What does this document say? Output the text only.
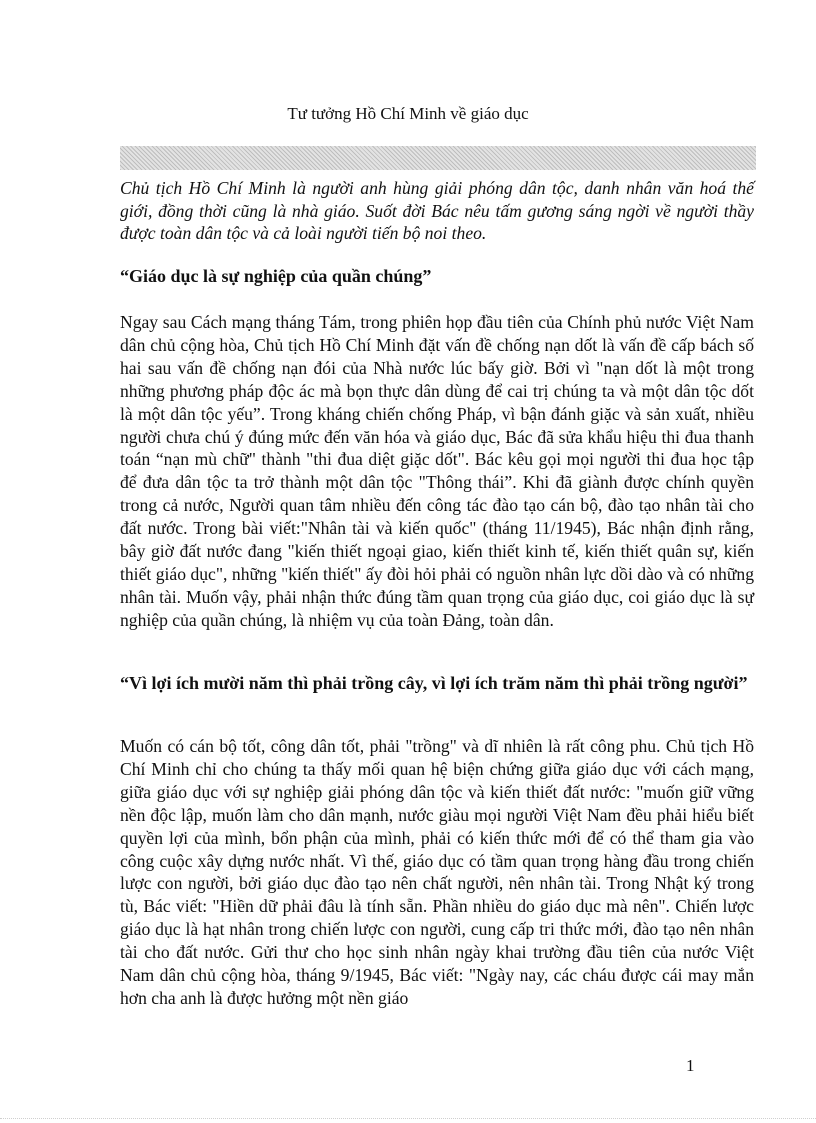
Tư tưởng Hồ Chí Minh về giáo dục

Chủ tịch Hồ Chí Minh là người anh hùng giải phóng dân tộc, danh nhân văn hoá thế giới, đồng thời cũng là nhà giáo. Suốt đời Bác nêu tấm gương sáng ngời về người thầy được toàn dân tộc và cả loài người tiến bộ noi theo.

“Giáo dục là sự nghiệp của quần chúng”

Ngay sau Cách mạng tháng Tám, trong phiên họp đầu tiên của Chính phủ nước Việt Nam dân chủ cộng hòa, Chủ tịch Hồ Chí Minh đặt vấn đề chống nạn dốt là vấn đề cấp bách số hai sau vấn đề chống nạn đói của Nhà nước lúc bấy giờ. Bởi vì "nạn dốt là một trong những phương pháp độc ác mà bọn thực dân dùng để cai trị chúng ta và một dân tộc dốt là một dân tộc yếu”. Trong kháng chiến chống Pháp, vì bận đánh giặc và sản xuất, nhiều người chưa chú ý đúng mức đến văn hóa và giáo dục, Bác đã sửa khẩu hiệu thi đua thanh toán “nạn mù chữ" thành "thi đua diệt giặc dốt". Bác kêu gọi mọi người thi đua học tập để đưa dân tộc ta trở thành một dân tộc "Thông thái”. Khi đã giành được chính quyền trong cả nước, Người quan tâm nhiều đến công tác đào tạo cán bộ, đào tạo nhân tài cho đất nước. Trong bài viết:"Nhân tài và kiến quốc" (tháng 11/1945), Bác nhận định rằng, bây giờ đất nước đang "kiến thiết ngoại giao, kiến thiết kinh tế, kiến thiết quân sự, kiến thiết giáo dục", những "kiến thiết" ấy đòi hỏi phải có nguồn nhân lực dồi dào và có những nhân tài. Muốn vậy, phải nhận thức đúng tầm quan trọng của giáo dục, coi giáo dục là sự nghiệp của quần chúng, là nhiệm vụ của toàn Đảng, toàn dân.

“Vì lợi ích mười năm thì phải trồng cây, vì lợi ích trăm năm thì phải trồng người”

Muốn có cán bộ tốt, công dân tốt, phải "trồng" và dĩ nhiên là rất công phu. Chủ tịch Hồ Chí Minh chỉ cho chúng ta thấy mối quan hệ biện chứng giữa giáo dục với cách mạng, giữa giáo dục với sự nghiệp giải phóng dân tộc và kiến thiết đất nước: "muốn giữ vững nền độc lập, muốn làm cho dân mạnh, nước giàu mọi người Việt Nam đều phải hiểu biết quyền lợi của mình, bổn phận của mình, phải có kiến thức mới để có thể tham gia vào công cuộc xây dựng nước nhất. Vì thế, giáo dục có tầm quan trọng hàng đầu trong chiến lược con người, bởi giáo dục đào tạo nên chất người, nên nhân tài. Trong Nhật ký trong tù, Bác viết: "Hiền dữ phải đâu là tính sẵn. Phần nhiều do giáo dục mà nên". Chiến lược giáo dục là hạt nhân trong chiến lược con người, cung cấp tri thức mới, đào tạo nên nhân tài cho đất nước. Gửi thư cho học sinh nhân ngày khai trường đầu tiên của nước Việt Nam dân chủ cộng hòa, tháng 9/1945, Bác viết: "Ngày nay, các cháu được cái may mắn hơn cha anh là được hưởng một nền giáo

1
